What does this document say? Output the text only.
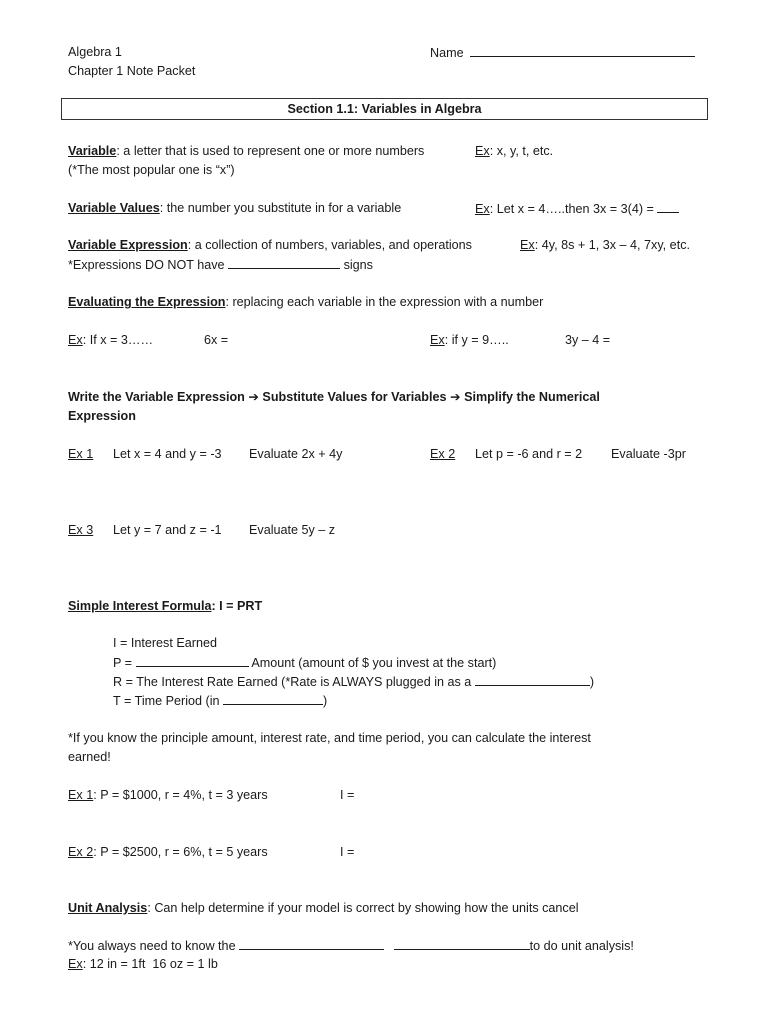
Algebra 1
Chapter 1 Note Packet
Name
Section 1.1: Variables in Algebra
Variable: a letter that is used to represent one or more numbers	Ex: x, y, t, etc.
(*The most popular one is “x”)
Variable Values: the number you substitute in for a variable	Ex: Let x = 4…..then 3x = 3(4) =
Variable Expression: a collection of numbers, variables, and operations	Ex: 4y, 8s + 1, 3x – 4, 7xy, etc.
*Expressions DO NOT have	signs
Evaluating the Expression: replacing each variable in the expression with a number
Ex: If x = 3……	6x =	Ex: if y = 9…..	3y – 4 =
Write the Variable Expression ➔ Substitute Values for Variables ➔ Simplify the Numerical
Expression
Ex 1 Let x = 4 and y = -3 Evaluate 2x + 4y	Ex 2 Let p = -6 and r = 2 Evaluate -3pr
Ex 3 Let y = 7 and z = -1 Evaluate 5y – z
Simple Interest Formula: I = PRT
I = Interest Earned
P =	Amount (amount of $ you invest at the start)
R = The Interest Rate Earned (*Rate is ALWAYS plugged in as a	)
T = Time Period (in	)
*If you know the principle amount, interest rate, and time period, you can calculate the interest
earned!
Ex 1: P = $1000, r = 4%, t = 3 years	I =
Ex 2: P = $2500, r = 6%, t = 5 years	I =
Unit Analysis: Can help determine if your model is correct by showing how the units cancel
*You always need to know the	to do unit analysis!
Ex: 12 in = 1ft  16 oz = 1 lb
